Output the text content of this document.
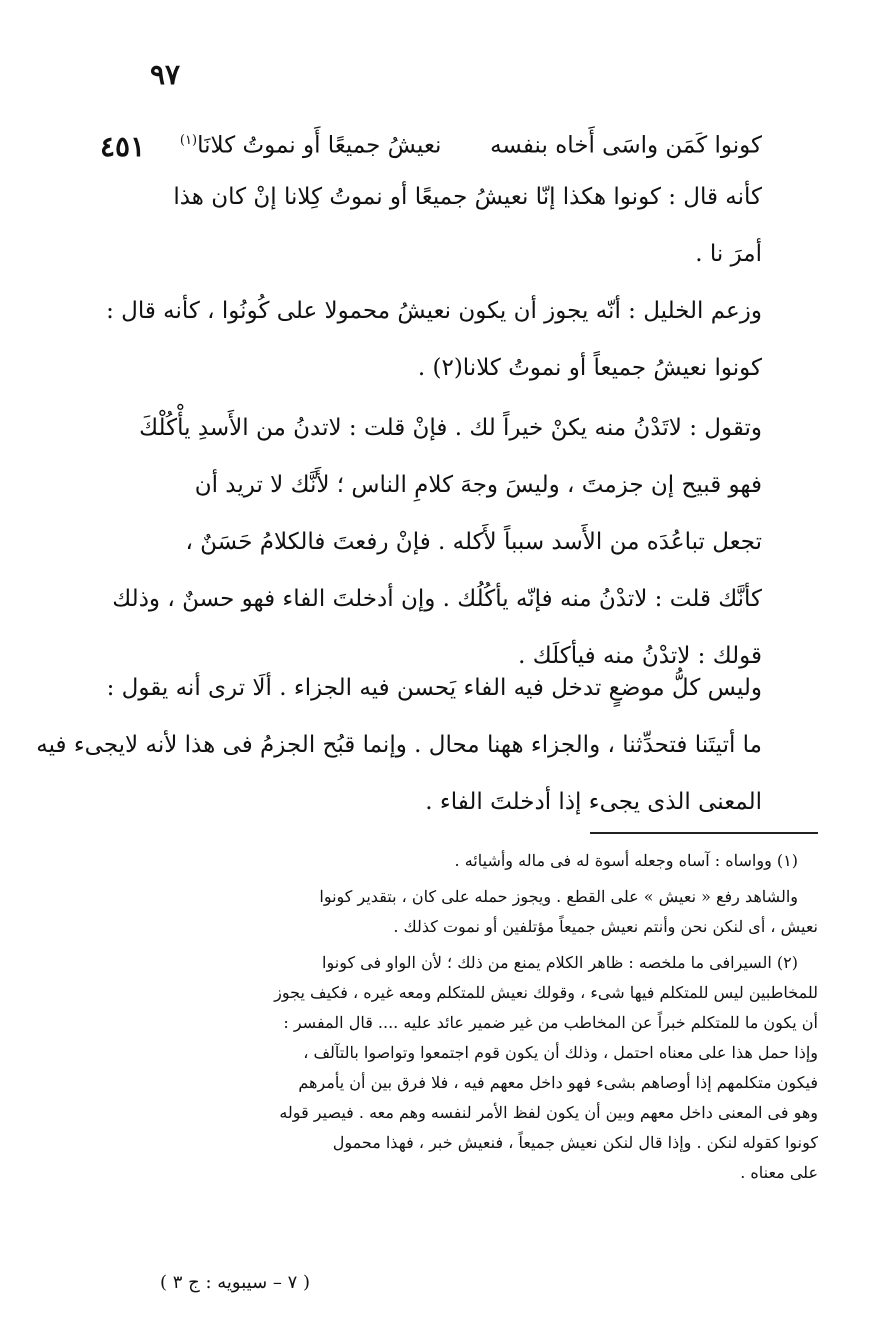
٩٧
٤٥١	كونوا كَمَن واسَى أَخاه بنفسه  نعيشُ جميعًا أَو نموتُ كلانَا$^{(١)}$
كأنه قال : كونوا هكذا إنّا نعيشُ جميعًا أو نموتُ كِلانا إنْ كان هذا
أمرَ نا .
وزعم الخليل : أنّه يجوز أن يكون نعيشُ محمولا على كُونُوا ، كأنه قال :
كونوا نعيشُ جميعاً أو نموتُ كلانا(٢) .
وتقول : لاتَدْنُ منه يكنْ خيراً لك . فإنْ قلت : لاتدنُ من الأَسدِ يأْكُلْكَ
فهو قبيح إن جزمتَ ، وليسَ وجهَ كلامِ الناس ؛ لأَنَّك لا تريد أن
تجعل تباعُدَه من الأَسد سبباً لأَكله . فإنْ رفعتَ فالكلامُ حَسَنٌ ،
كأنَّك قلت : لاتدْنُ منه فإنّه يأكُلُك . وإن أدخلتَ الفاء فهو حسنٌ ، وذلك
قولك : لاتدْنُ منه فيأكلَك .
وليس كلُّ موضعٍ تدخل فيه الفاء يَحسن فيه الجزاء . ألَا ترى أنه يقول :
ما أتيتَنا فتحدِّثنا ، والجزاء ههنا محال . وإنما قبُح الجزمُ فى هذا لأنه لايجىء فيه
المعنى الذى يجىء إذا أدخلتَ الفاء .
(١) وواساه : آساه وجعله أسوة له فى ماله وأشيائه .
والشاهد رفع « نعيش » على القطع . ويجوز حمله على كان ، بتقدير كونوا
نعيش ، أى لنكن نحن وأنتم نعيش جميعاً مؤتلفين أو نموت كذلك .
(٢) السيرافى ما ملخصه : ظاهر الكلام يمنع من ذلك ؛ لأن الواو فى كونوا
للمخاطبين ليس للمتكلم فيها شىء ، وقولك نعيش للمتكلم ومعه غيره ، فكيف يجوز
أن يكون ما للمتكلم خبراً عن المخاطب من غير ضمير عائد عليه .... قال المفسر :
وإذا حمل هذا على معناه احتمل ، وذلك أن يكون قوم اجتمعوا وتواصوا بالتآلف ،
فيكون متكلمهم إذا أوصاهم بشىء فهو داخل معهم فيه ، فلا فرق بين أن يأمرهم
وهو فى المعنى داخل معهم وبين أن يكون لفظ الأمر لنفسه وهم معه . فيصير قوله
كونوا كقوله لنكن . وإذا قال لنكن نعيش جميعاً ، فنعيش خبر ، فهذا محمول
على معناه .
( ٧ – سيبويه : ج ٣ )
